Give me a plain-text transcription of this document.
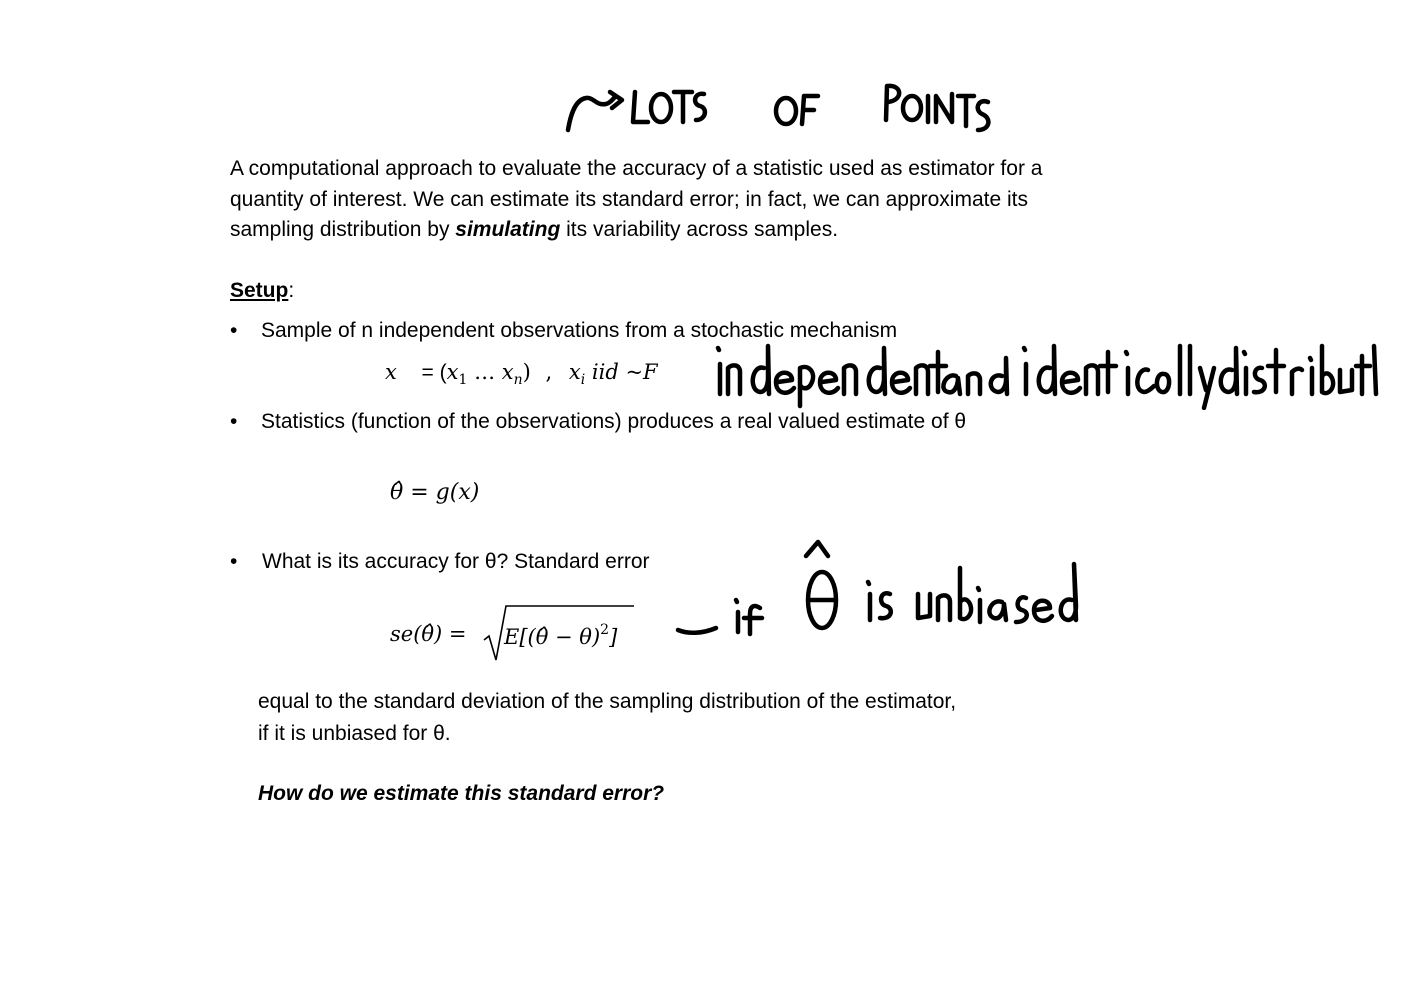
A computational approach to evaluate the accuracy of a statistic used as estimator for a
quantity of interest. We can estimate its standard error; in fact, we can approximate its
sampling distribution by simulating its variability across samples.
Setup:
• Sample of n independent observations from a stochastic mechanism
$x = (x_1$ … $x_n$) , $x_i$ iid ~F
• Statistics (function of the observations) produces a real valued estimate of θ
θ̂ = g(x)
• What is its accuracy for θ? Standard error
se(θ̂) = E[(θ̂ − θ)$^2$]
equal to the standard deviation of the sampling distribution of the estimator,
if it is unbiased for θ.
How do we estimate this standard error?
